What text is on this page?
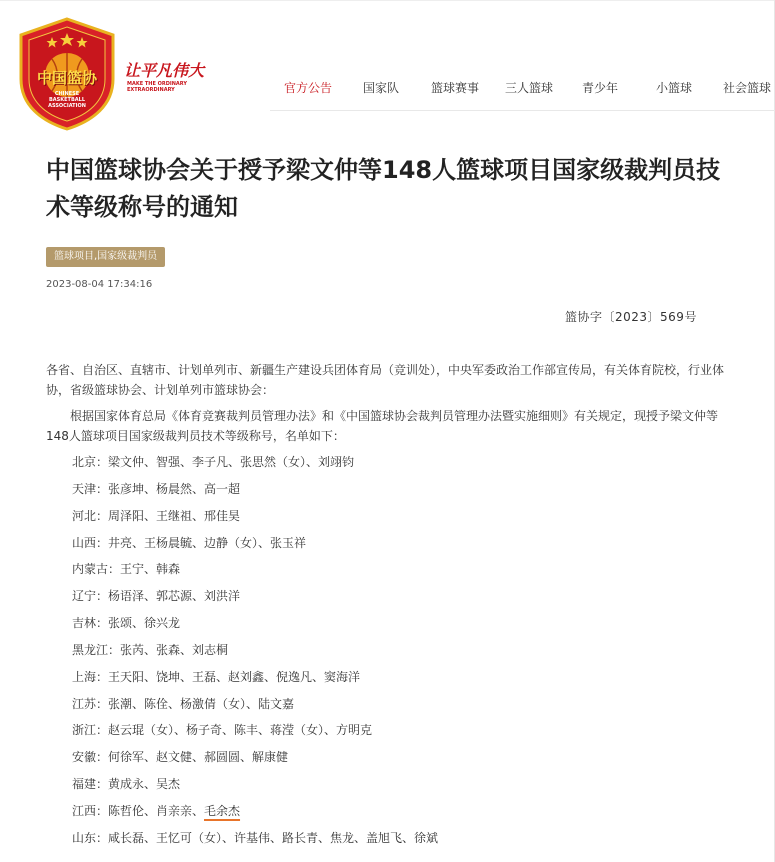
中国篮协
CHINESE BASKETBALL ASSOCIATION
让平凡伟大
MAKE THE ORDINARY
EXTRAORDINARY	官方公告	国家队	篮球赛事 三人篮球 青少年	小篮球	社会篮球
中国篮球协会关于授予梁文仲等148人篮球项目国家级裁判员技术等级称号的通知
篮球项目,国家级裁判员
2023-08-04 17:34:16
篮协字〔2023〕569号

各省、自治区、直辖市、计划单列市、新疆生产建设兵团体育局（竞训处），中央军委政治工作部宣传局，有关体育院校，行业体协，省级篮球协会、计划单列市篮球协会：

根据国家体育总局《体育竞赛裁判员管理办法》和《中国篮球协会裁判员管理办法暨实施细则》有关规定，现授予梁文仲等148人篮球项目国家级裁判员技术等级称号，名单如下：

北京：梁文仲、智强、李子凡、张思然（女）、刘翊钧
天津：张彦坤、杨晨然、高一超
河北：周泽阳、王继祖、邢佳昊
山西：井亮、王杨晨毓、边静（女）、张玉祥
内蒙古：王宁、韩森
辽宁：杨语泽、郭芯源、刘洪洋
吉林：张颂、徐兴龙
黑龙江：张芮、张森、刘志桐
上海：王天阳、饶坤、王磊、赵刘鑫、倪逸凡、窦海洋
江苏：张潮、陈佺、杨激倩（女）、陆文嘉
浙江：赵云琨（女）、杨子奇、陈丰、蒋滢（女）、方明克
安徽：何徐军、赵文健、郝圆圆、解康健
福建：黄成永、吴杰
江西：陈哲伦、肖亲亲、毛余杰
山东：咸长磊、王忆可（女）、许基伟、路长青、焦龙、盖旭飞、徐斌
